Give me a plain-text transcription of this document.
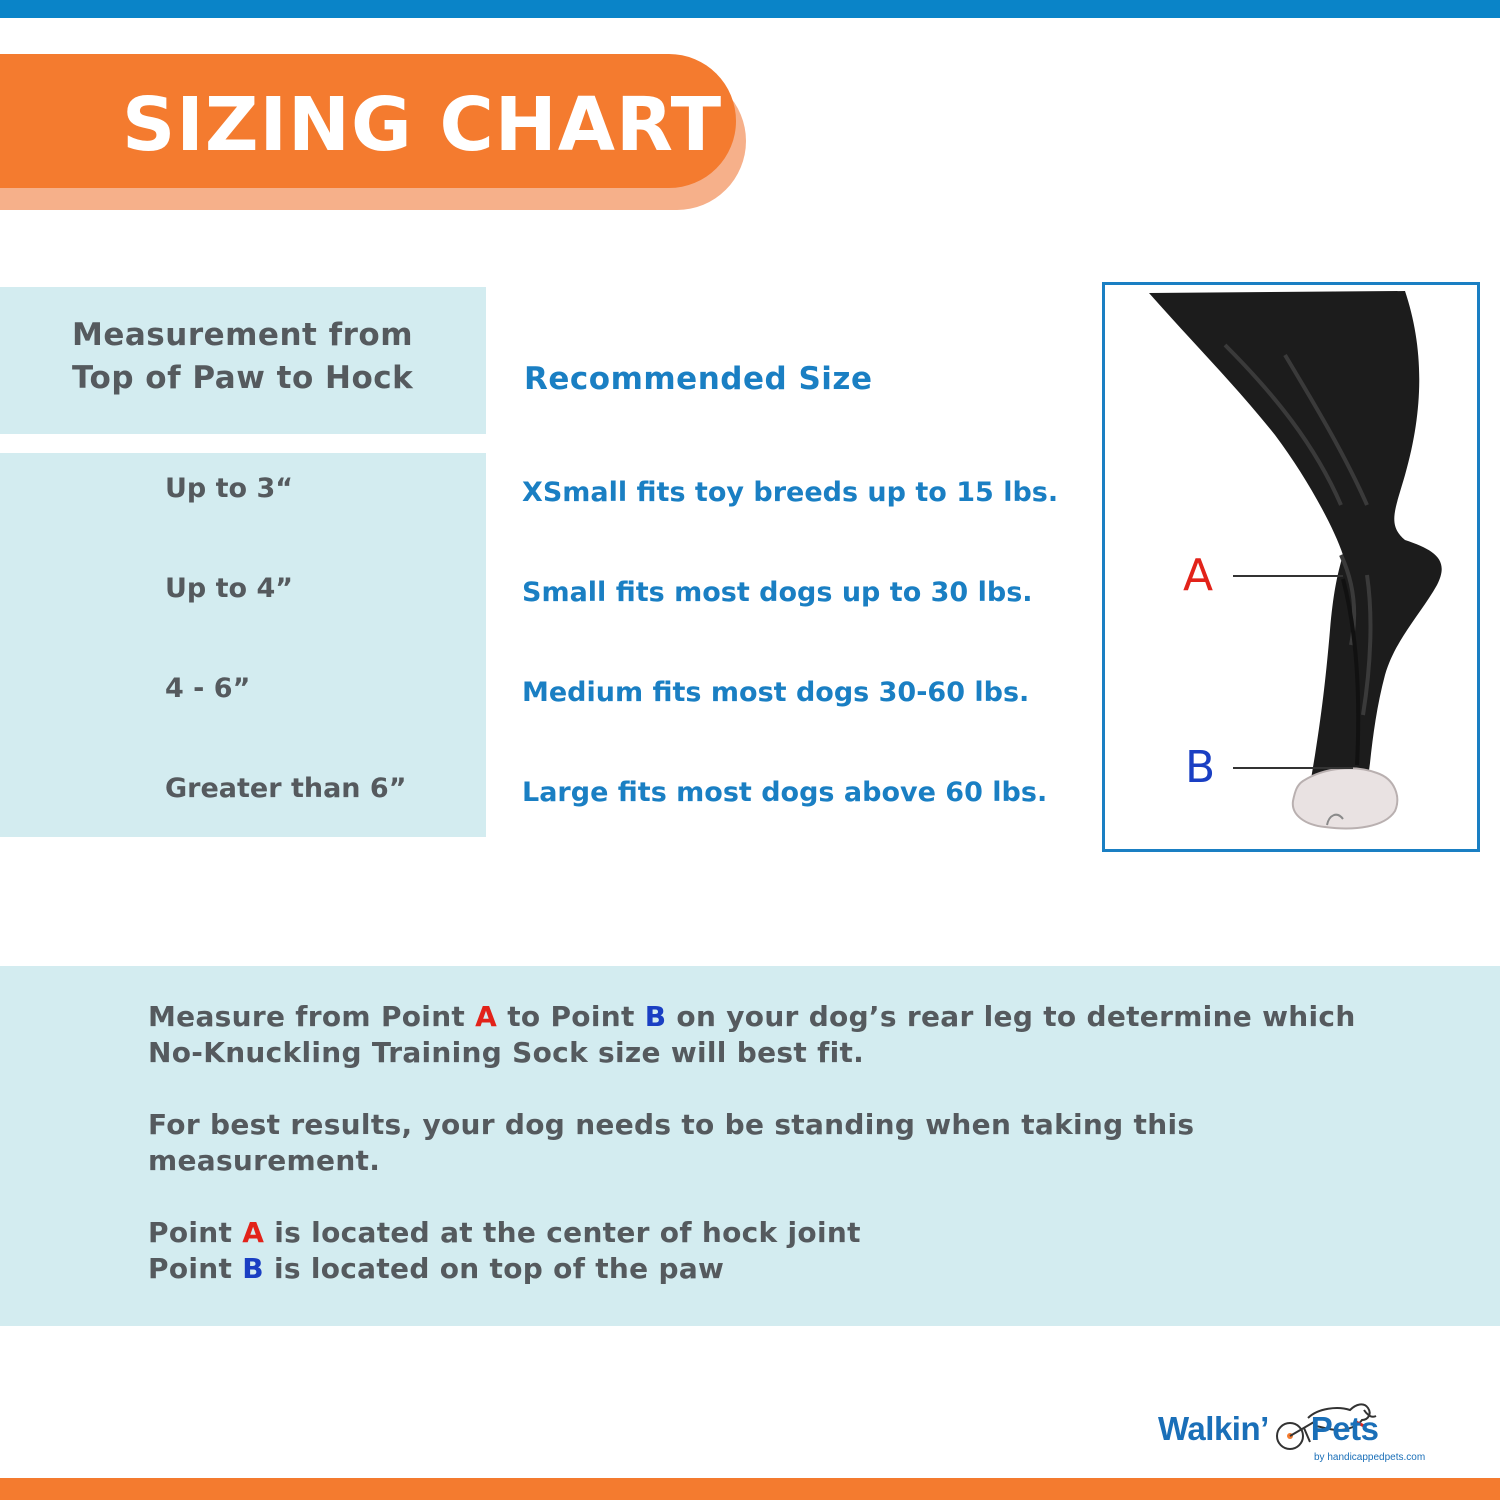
SIZING CHART
Measurement from Top of Paw to Hock	Recommended Size
Up to 3“	XSmall fits toy breeds up to 15 lbs.
Up to 4”	Small fits most dogs up to 30 lbs.
4 - 6”	Medium fits most dogs 30-60 lbs.
Greater than 6”	Large fits most dogs above 60 lbs.
A
B
Measure from Point A to Point B on your dog’s rear leg to determine which
No-Knuckling Training Sock size will best fit.
For best results, your dog needs to be standing when taking this
measurement.
Point A is located at the center of hock joint
Point B is located on top of the paw
Walkin’ Pets
by handicappedpets.com
